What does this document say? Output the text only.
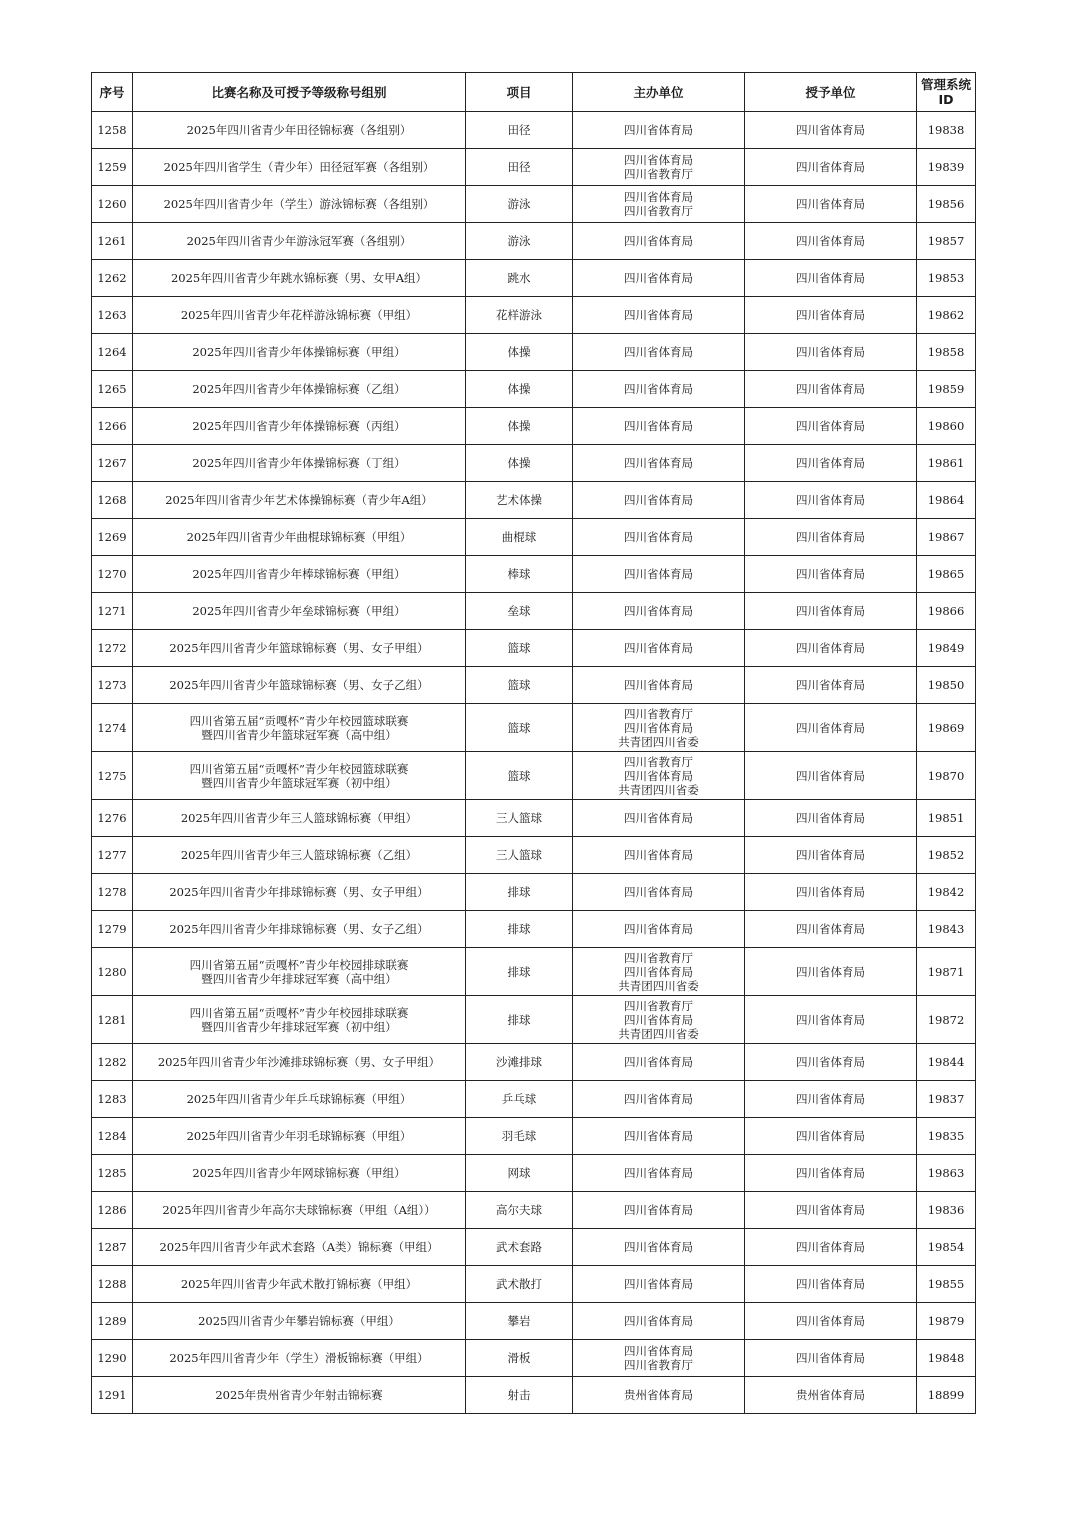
序号	比赛名称及可授予等级称号组别	项目	主办单位	授予单位	管理系统ID
1258	2025年四川省青少年田径锦标赛（各组别）	田径	四川省体育局	四川省体育局	19838
1259	2025年四川省学生（青少年）田径冠军赛（各组别）	田径	四川省体育局
四川省教育厅	四川省体育局	19839
1260	2025年四川省青少年（学生）游泳锦标赛（各组别）	游泳	四川省体育局
四川省教育厅	四川省体育局	19856
1261	2025年四川省青少年游泳冠军赛（各组别）	游泳	四川省体育局	四川省体育局	19857
1262	2025年四川省青少年跳水锦标赛（男、女甲A组）	跳水	四川省体育局	四川省体育局	19853
1263	2025年四川省青少年花样游泳锦标赛（甲组）	花样游泳	四川省体育局	四川省体育局	19862
1264	2025年四川省青少年体操锦标赛（甲组）	体操	四川省体育局	四川省体育局	19858
1265	2025年四川省青少年体操锦标赛（乙组）	体操	四川省体育局	四川省体育局	19859
1266	2025年四川省青少年体操锦标赛（丙组）	体操	四川省体育局	四川省体育局	19860
1267	2025年四川省青少年体操锦标赛（丁组）	体操	四川省体育局	四川省体育局	19861
1268	2025年四川省青少年艺术体操锦标赛（青少年A组）	艺术体操	四川省体育局	四川省体育局	19864
1269	2025年四川省青少年曲棍球锦标赛（甲组）	曲棍球	四川省体育局	四川省体育局	19867
1270	2025年四川省青少年棒球锦标赛（甲组）	棒球	四川省体育局	四川省体育局	19865
1271	2025年四川省青少年垒球锦标赛（甲组）	垒球	四川省体育局	四川省体育局	19866
1272	2025年四川省青少年篮球锦标赛（男、女子甲组）	篮球	四川省体育局	四川省体育局	19849
1273	2025年四川省青少年篮球锦标赛（男、女子乙组）	篮球	四川省体育局	四川省体育局	19850
1274	四川省第五届“贡嘎杯”青少年校园篮球联赛
暨四川省青少年篮球冠军赛（高中组）	篮球	四川省教育厅
四川省体育局
共青团四川省委	四川省体育局	19869
1275	四川省第五届“贡嘎杯”青少年校园篮球联赛
暨四川省青少年篮球冠军赛（初中组）	篮球	四川省教育厅
四川省体育局
共青团四川省委	四川省体育局	19870
1276	2025年四川省青少年三人篮球锦标赛（甲组）	三人篮球	四川省体育局	四川省体育局	19851
1277	2025年四川省青少年三人篮球锦标赛（乙组）	三人篮球	四川省体育局	四川省体育局	19852
1278	2025年四川省青少年排球锦标赛（男、女子甲组）	排球	四川省体育局	四川省体育局	19842
1279	2025年四川省青少年排球锦标赛（男、女子乙组）	排球	四川省体育局	四川省体育局	19843
1280	四川省第五届“贡嘎杯”青少年校园排球联赛
暨四川省青少年排球冠军赛（高中组）	排球	四川省教育厅
四川省体育局
共青团四川省委	四川省体育局	19871
1281	四川省第五届“贡嘎杯”青少年校园排球联赛
暨四川省青少年排球冠军赛（初中组）	排球	四川省教育厅
四川省体育局
共青团四川省委	四川省体育局	19872
1282	2025年四川省青少年沙滩排球锦标赛（男、女子甲组）	沙滩排球	四川省体育局	四川省体育局	19844
1283	2025年四川省青少年乒乓球锦标赛（甲组）	乒乓球	四川省体育局	四川省体育局	19837
1284	2025年四川省青少年羽毛球锦标赛（甲组）	羽毛球	四川省体育局	四川省体育局	19835
1285	2025年四川省青少年网球锦标赛（甲组）	网球	四川省体育局	四川省体育局	19863
1286	2025年四川省青少年高尔夫球锦标赛（甲组（A组））	高尔夫球	四川省体育局	四川省体育局	19836
1287	2025年四川省青少年武术套路（A类）锦标赛（甲组）	武术套路	四川省体育局	四川省体育局	19854
1288	2025年四川省青少年武术散打锦标赛（甲组）	武术散打	四川省体育局	四川省体育局	19855
1289	2025四川省青少年攀岩锦标赛（甲组）	攀岩	四川省体育局	四川省体育局	19879
1290	2025年四川省青少年（学生）滑板锦标赛（甲组）	滑板	四川省体育局
四川省教育厅	四川省体育局	19848
1291	2025年贵州省青少年射击锦标赛	射击	贵州省体育局	贵州省体育局	18899
